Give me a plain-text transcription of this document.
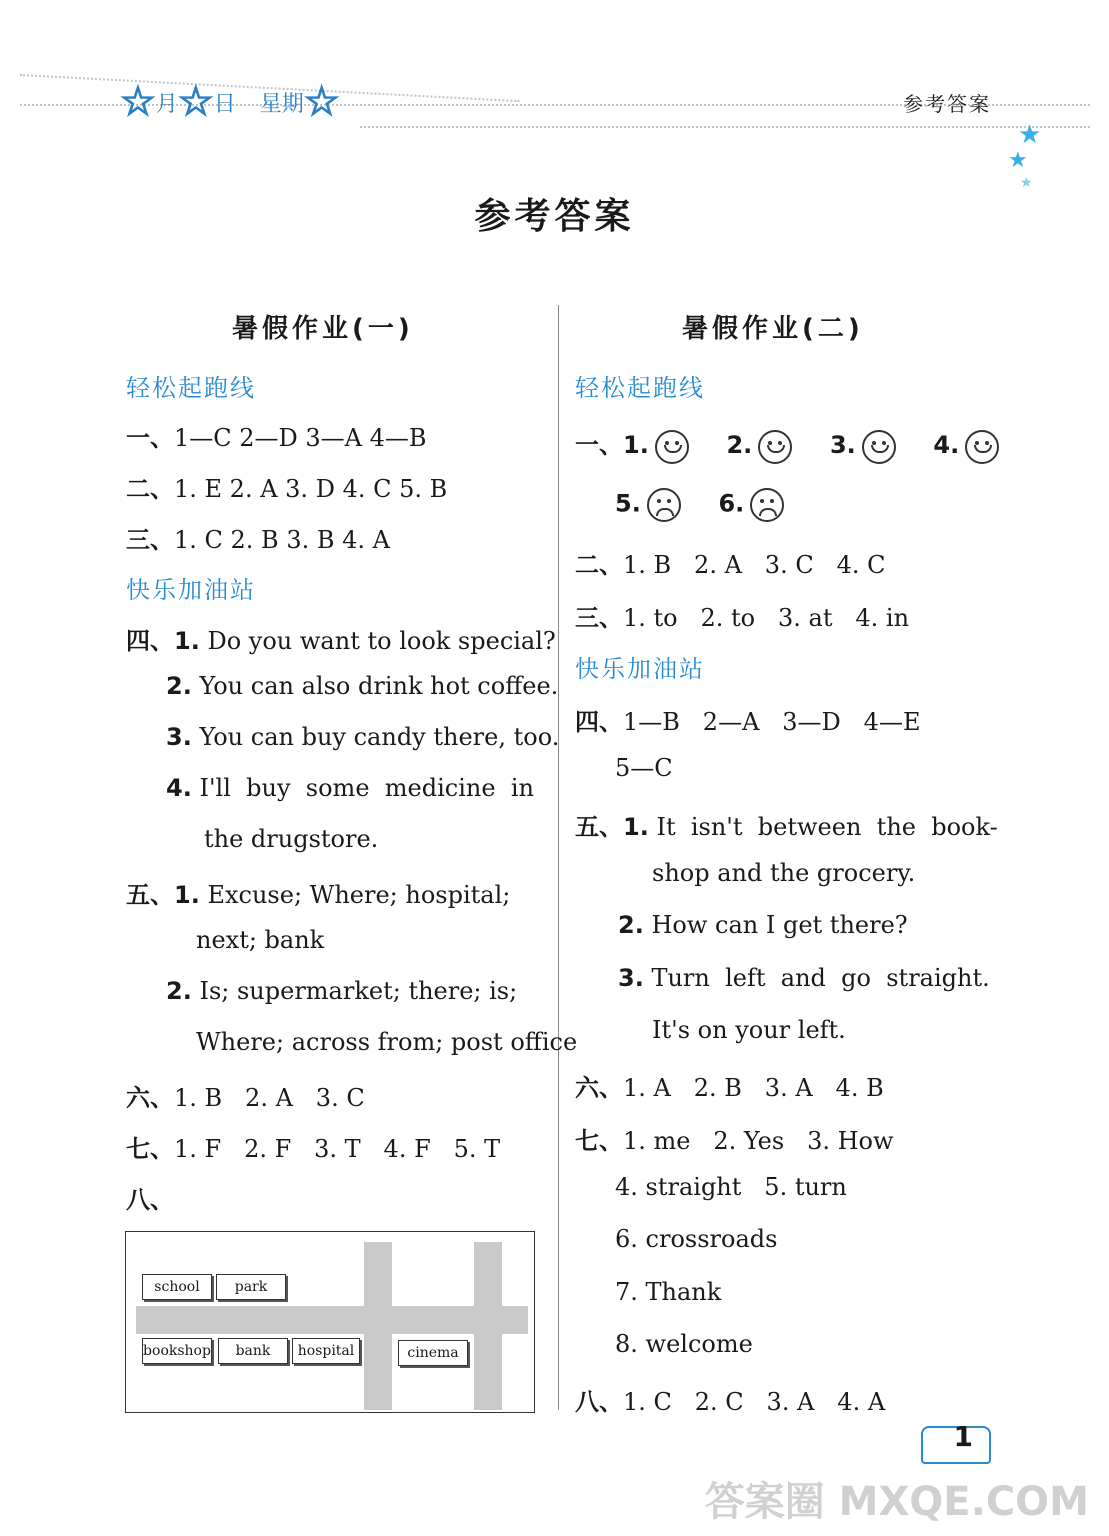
☆ 月 ☆ 日 星期 ☆	参考答案
★
★
★
参考答案
暑假作业(一)
轻松起跑线
一、1—C 2—D 3—A 4—B
二、1. E 2. A 3. D 4. C 5. B
三、1. C 2. B 3. B 4. A
快乐加油站
四、1. Do you want to look special?
2. You can also drink hot coffee.
3. You can buy candy there, too.
4. I'll  buy  some  medicine  in
the drugstore.
五、1. Excuse; Where; hospital;
next; bank
2. Is; supermarket; there; is;
Where; across from; post office
六、1. B   2. A   3. C
七、1. F   2. F   3. T   4. F   5. T
八、
school	park
bookshop	bank	hospital	cinema
暑假作业(二)
轻松起跑线
一、1.	2.	3.	4.
5.	6.
二、1. B   2. A   3. C   4. C
三、1. to   2. to   3. at   4. in
快乐加油站
四、1—B   2—A   3—D   4—E
5—C
五、1. It  isn't  between  the  book-
shop and the grocery.
2. How can I get there?
3. Turn  left  and  go  straight.
It's on your left.
六、1. A   2. B   3. A   4. B
七、1. me   2. Yes   3. How
4. straight   5. turn
6. crossroads
7. Thank
8. welcome
八、1. C   2. C   3. A   4. A
1
答案圈 MXQE.COM
